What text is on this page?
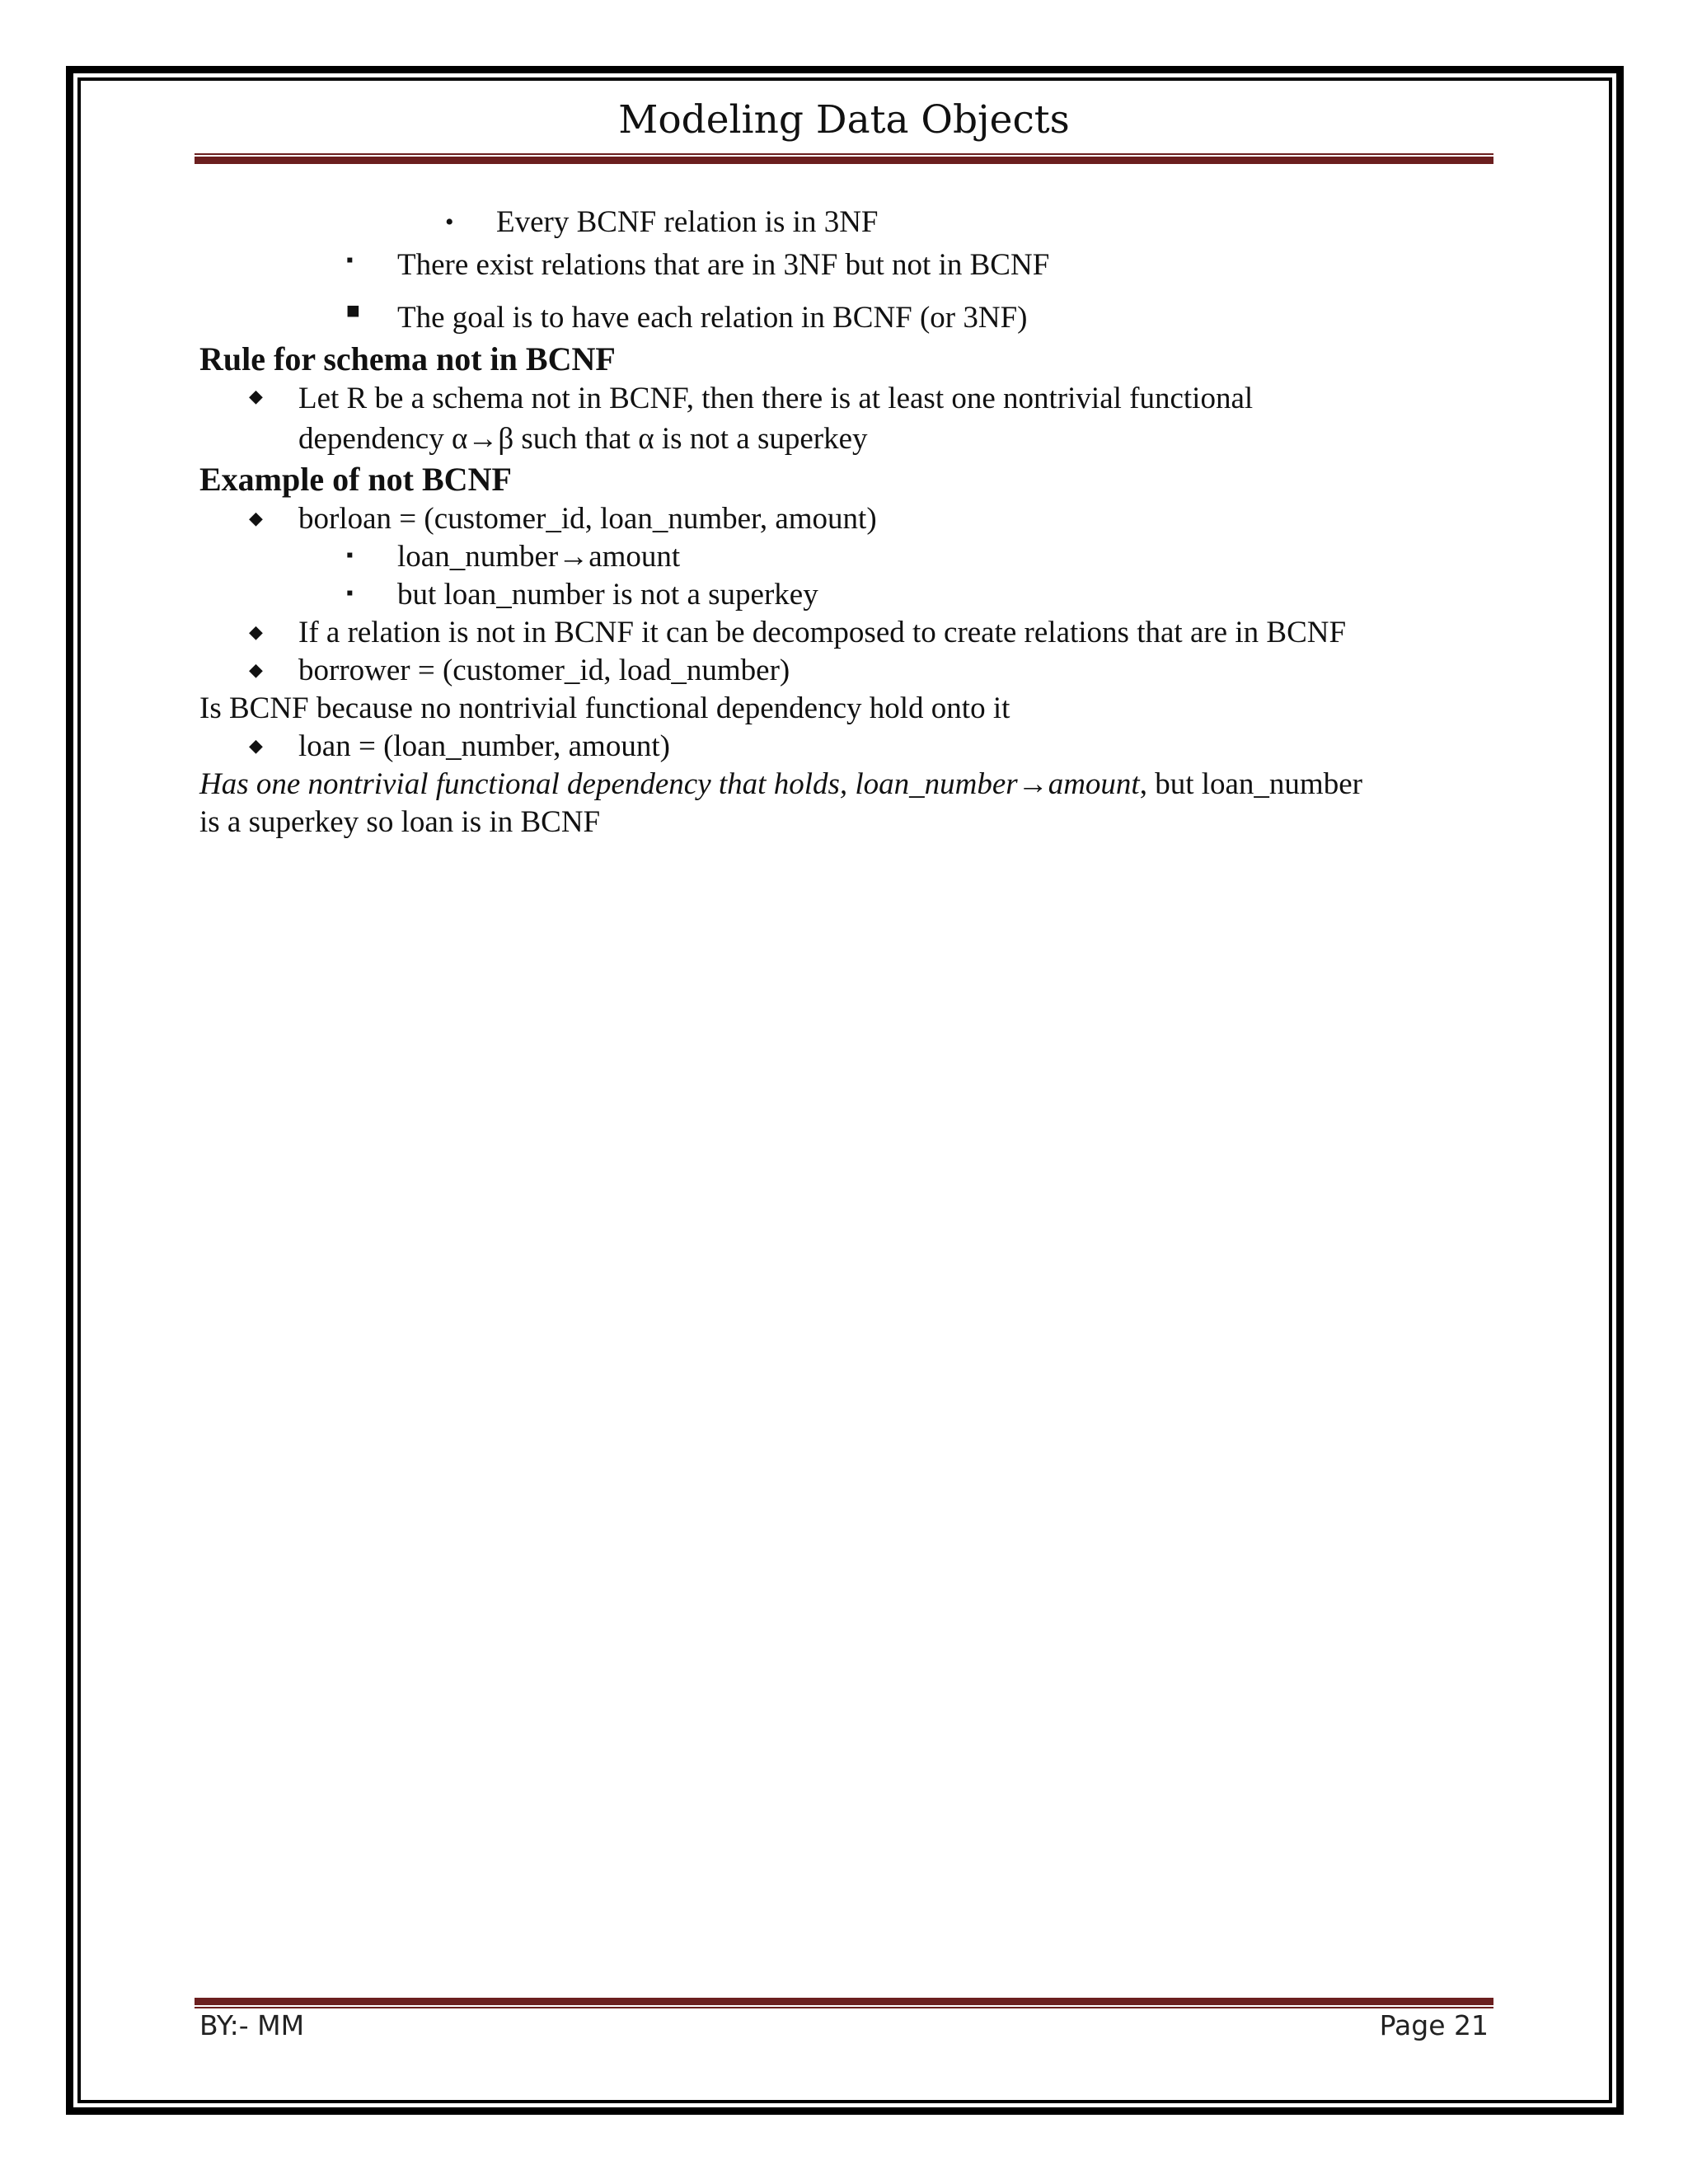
Modeling Data Objects
• Every BCNF relation is in 3NF
▪ There exist relations that are in 3NF but not in BCNF
■ The goal is to have each relation in BCNF (or 3NF)
Rule for schema not in BCNF
◆ Let R be a schema not in BCNF, then there is at least one nontrivial functional
dependency α→β such that α is not a superkey
Example of not BCNF
◆ borloan = (customer_id, loan_number, amount)
▪ loan_number→amount
▪ but loan_number is not a superkey
◆ If a relation is not in BCNF it can be decomposed to create relations that are in BCNF
◆ borrower = (customer_id, load_number)
Is BCNF because no nontrivial functional dependency hold onto it
◆ loan = (loan_number, amount)
Has one nontrivial functional dependency that holds, loan_number→amount, but loan_number
is a superkey so loan is in BCNF
BY:- MM	Page 21
